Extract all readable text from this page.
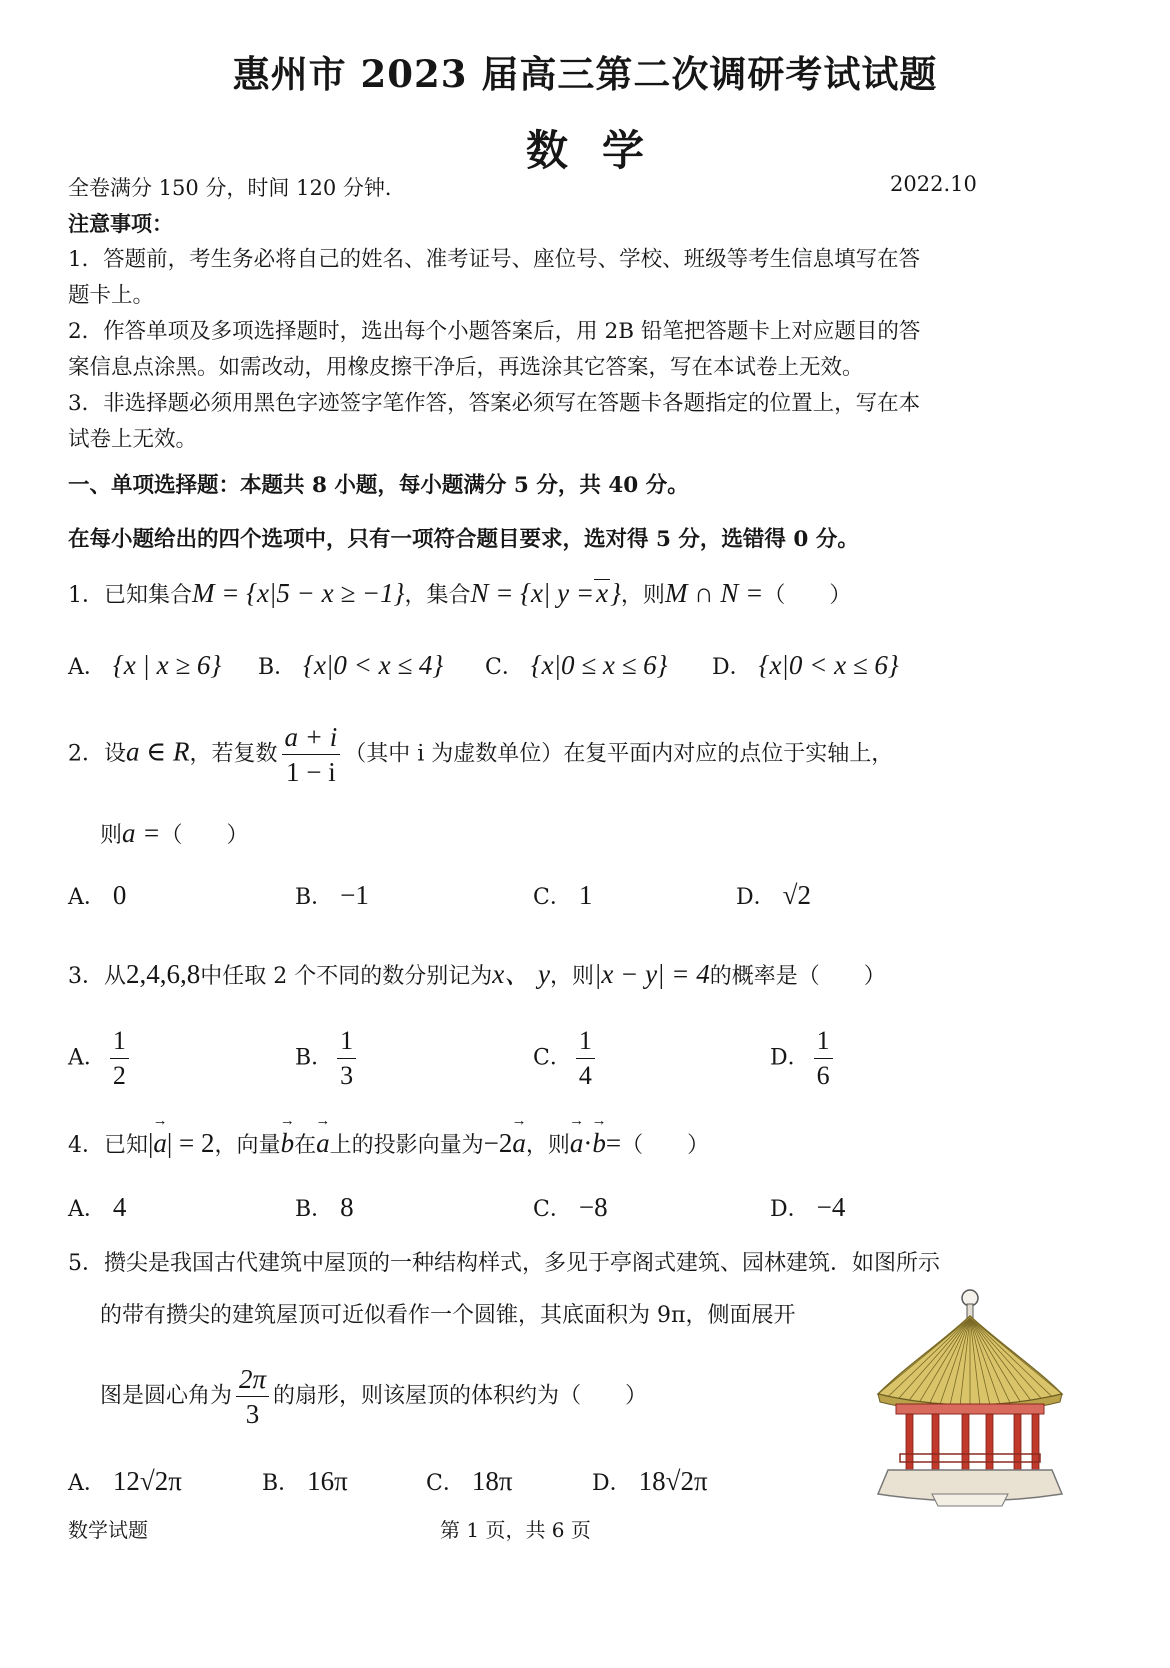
惠州市 2023 届高三第二次调研考试试题
数学
全卷满分 150 分，时间 120 分钟．	2022.10
注意事项：
1．答题前，考生务必将自己的姓名、准考证号、座位号、学校、班级等考生信息填写在答
题卡上。
2．作答单项及多项选择题时，选出每个小题答案后，用 2B 铅笔把答题卡上对应题目的答
案信息点涂黑。如需改动，用橡皮擦干净后，再选涂其它答案，写在本试卷上无效。
3．非选择题必须用黑色字迹签字笔作答，答案必须写在答题卡各题指定的位置上，写在本
试卷上无效。
一、单项选择题：本题共 8 小题，每小题满分 5 分，共 40 分。
在每小题给出的四个选项中，只有一项符合题目要求，选对得 5 分，选错得 0 分。
1．已知集合M = {x|5 − x ≥ −1}，集合N = {x| y =x}，则M ∩ N =（　　）
A． {x | x ≥ 6} B． {x|0 < x ≤ 4} C． {x|0 ≤ x ≤ 6} D． {x|0 < x ≤ 6}
2．设a ∈ R，若复数 $\frac{a + i}{1 - i}$ （其中 i 为虚数单位）在复平面内对应的点位于实轴上，
则a =（　　）
A． 0	B． −1	C． 1	D． √2
3．从2,4,6,8中任取 2 个不同的数分别记为x、 y，则|x − y| = 4的概率是（　　）
A． $\frac{1}{2}$	B． $\frac{1}{3}$	C． $\frac{1}{4}$	D． $\frac{1}{6}$
4．已知|→ a| = 2，向量→ b在→ a上的投影向量为−2→ a，则→ a·→ b=（　　）
A． 4	B． 8	C． −8	D． −4
5．攒尖是我国古代建筑中屋顶的一种结构样式，多见于亭阁式建筑、园林建筑．如图所示
的带有攒尖的建筑屋顶可近似看作一个圆锥，其底面积为 9π，侧面展开
图是圆心角为 $\frac{2\pi}{3}$ 的扇形，则该屋顶的体积约为（　　）
A． 12√2π	B． 16π	C． 18π	D． 18√2π
数学试题	第 1 页，共 6 页
